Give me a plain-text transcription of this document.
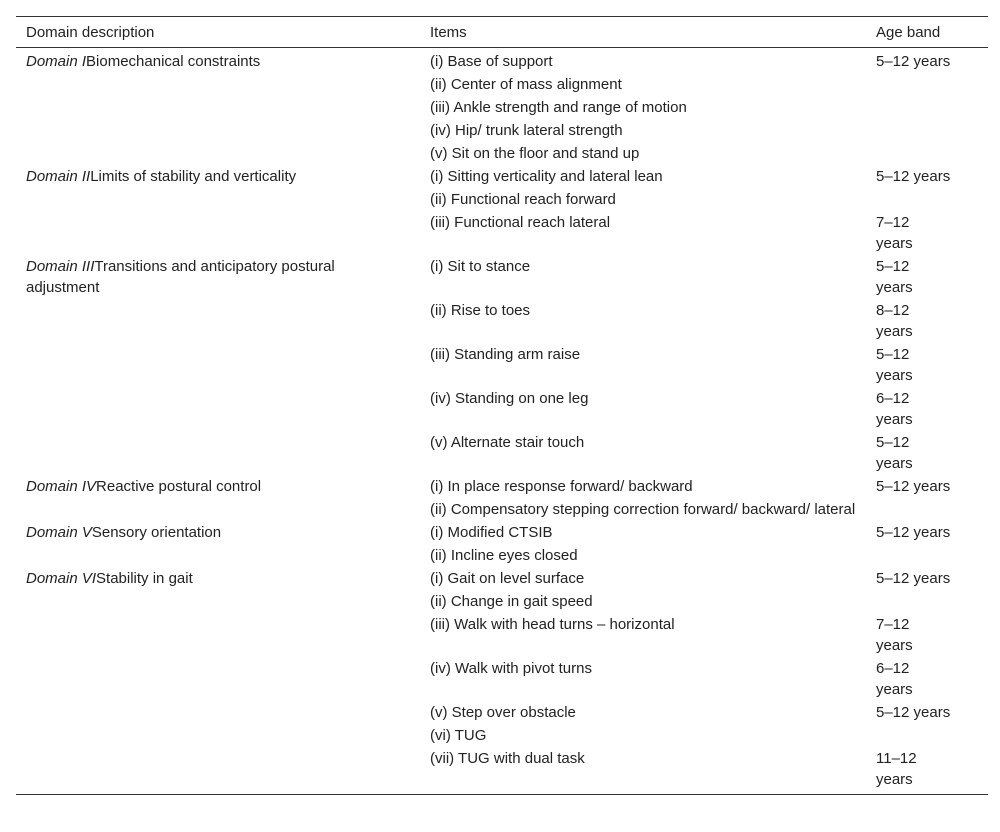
Domain description	Items	Age band
Domain IBiomechanical constraints	(i) Base of support	5–12 years
	(ii) Center of mass alignment	
	(iii) Ankle strength and range of motion	
	(iv) Hip/ trunk lateral strength	
	(v) Sit on the floor and stand up	
Domain IILimits of stability and verticality	(i) Sitting verticality and lateral lean	5–12 years
	(ii) Functional reach forward	
	(iii) Functional reach lateral	7–12 years
Domain IIITransitions and anticipatory postural adjustment	(i) Sit to stance	5–12 years
	(ii) Rise to toes	8–12 years
	(iii) Standing arm raise	5–12 years
	(iv) Standing on one leg	6–12 years
	(v) Alternate stair touch	5–12 years
Domain IVReactive postural control	(i) In place response forward/ backward	5–12 years
	(ii) Compensatory stepping correction forward/ backward/ lateral	
Domain VSensory orientation	(i) Modified CTSIB	5–12 years
	(ii) Incline eyes closed	
Domain VIStability in gait	(i) Gait on level surface	5–12 years
	(ii) Change in gait speed	
	(iii) Walk with head turns – horizontal	7–12 years
	(iv) Walk with pivot turns	6–12 years
	(v) Step over obstacle	5–12 years
	(vi) TUG	
	(vii) TUG with dual task	11–12 years
